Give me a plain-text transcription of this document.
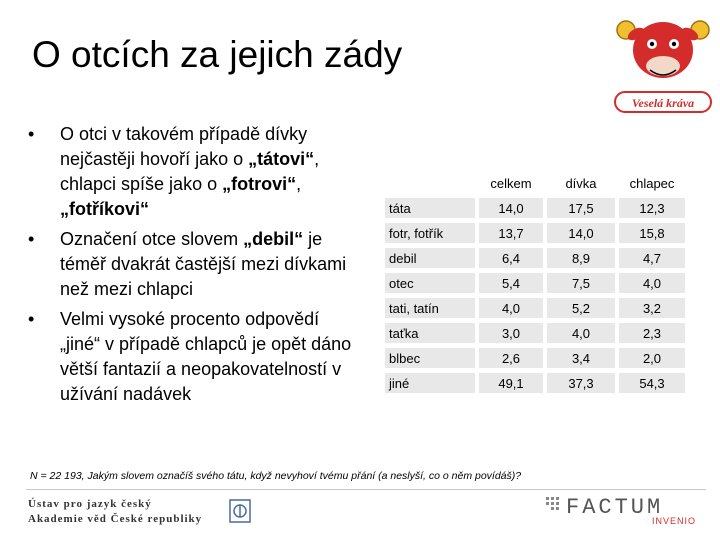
O otcích za jejich zády
• O otci v takovém případě dívky nejčastěji hovoří jako o „tátovi“, chlapci spíše jako o „fotrovi“, „fotříkovi“
• Označení otce slovem „debil“ je téměř dvakrát častější mezi dívkami než mezi chlapci
• Velmi vysoké procento odpovědí „jiné“ v případě chlapců je opět dáno větší fantazií a neopakovatelností v užívání nadávek
		celkem		dívka		chlapec
táta		14,0		17,5		12,3
fotr, fotřík		13,7		14,0		15,8
debil		6,4		8,9		4,7
otec		5,4		7,5		4,0
tati, tatín		4,0		5,2		3,2
taťka		3,0		4,0		2,3
blbec		2,6		3,4		2,0
jiné		49,1		37,3		54,3
N = 22 193, Jakým slovem označíš svého tátu, když nevyhoví tvému přání (a neslyší, co o něm povídáš)?
Veselá kráva
Ústav pro jazyk český
Akademie věd České republiky	FACTUM
INVENIO
